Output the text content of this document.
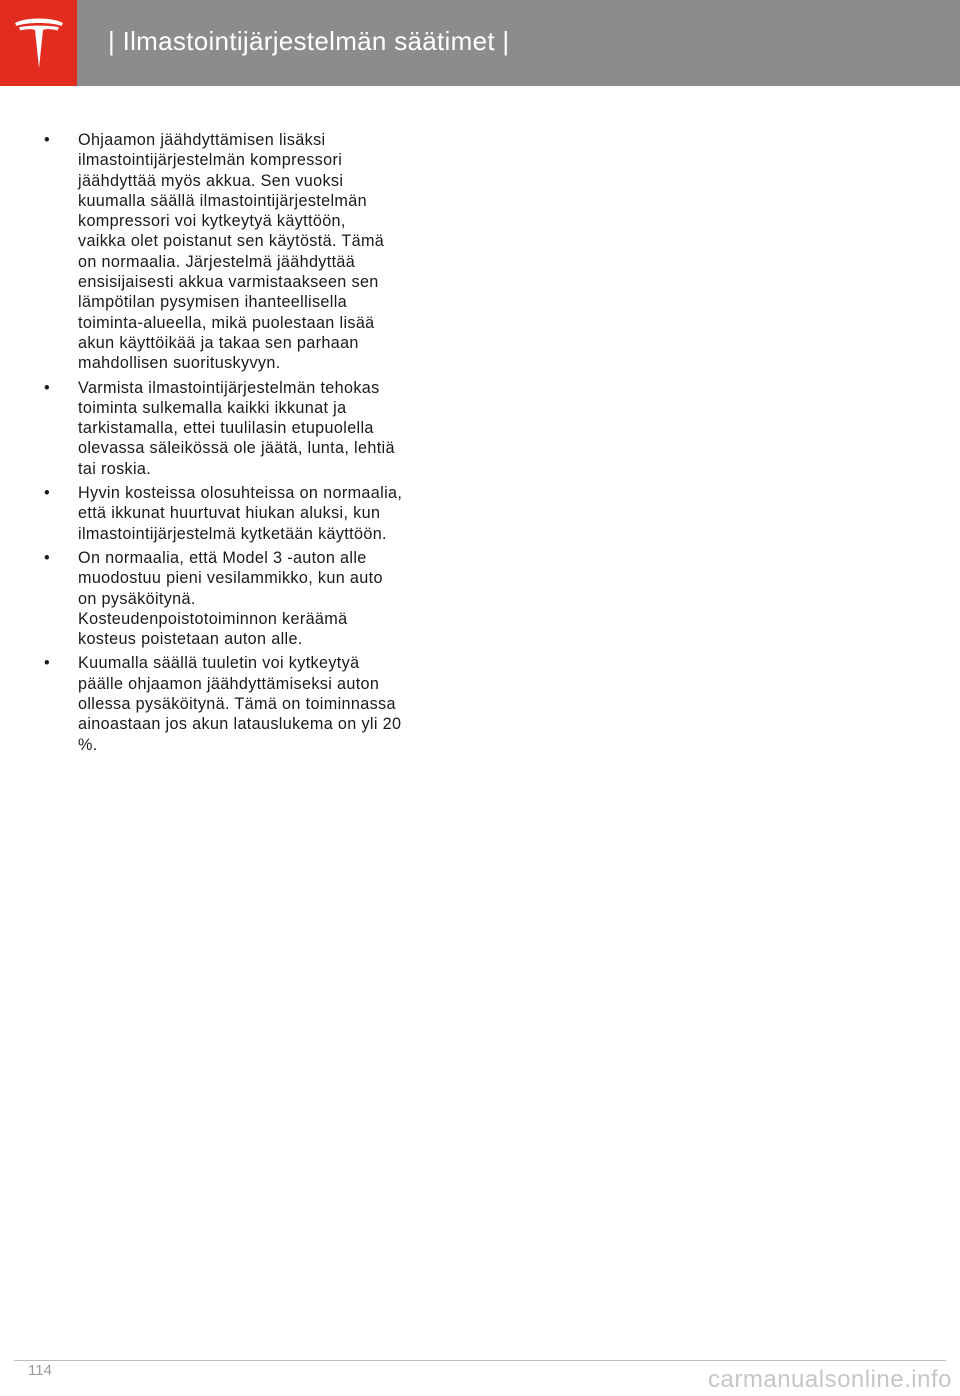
| Ilmastointijärjestelmän säätimet |
• Ohjaamon jäähdyttämisen lisäksi
ilmastointijärjestelmän kompressori
jäähdyttää myös akkua. Sen vuoksi
kuumalla säällä ilmastointijärjestelmän
kompressori voi kytkeytyä käyttöön,
vaikka olet poistanut sen käytöstä. Tämä
on normaalia. Järjestelmä jäähdyttää
ensisijaisesti akkua varmistaakseen sen
lämpötilan pysymisen ihanteellisella
toiminta-alueella, mikä puolestaan lisää
akun käyttöikää ja takaa sen parhaan
mahdollisen suorituskyvyn.
• Varmista ilmastointijärjestelmän tehokas
toiminta sulkemalla kaikki ikkunat ja
tarkistamalla, ettei tuulilasin etupuolella
olevassa säleikössä ole jäätä, lunta, lehtiä
tai roskia.
• Hyvin kosteissa olosuhteissa on normaalia,
että ikkunat huurtuvat hiukan aluksi, kun
ilmastointijärjestelmä kytketään käyttöön.
• On normaalia, että Model 3 -auton alle
muodostuu pieni vesilammikko, kun auto
on pysäköitynä.
Kosteudenpoistotoiminnon keräämä
kosteus poistetaan auton alle.
• Kuumalla säällä tuuletin voi kytkeytyä
päälle ohjaamon jäähdyttämiseksi auton
ollessa pysäköitynä. Tämä on toiminnassa
ainoastaan jos akun latauslukema on yli 20
%.
114	carmanualsonline.info
